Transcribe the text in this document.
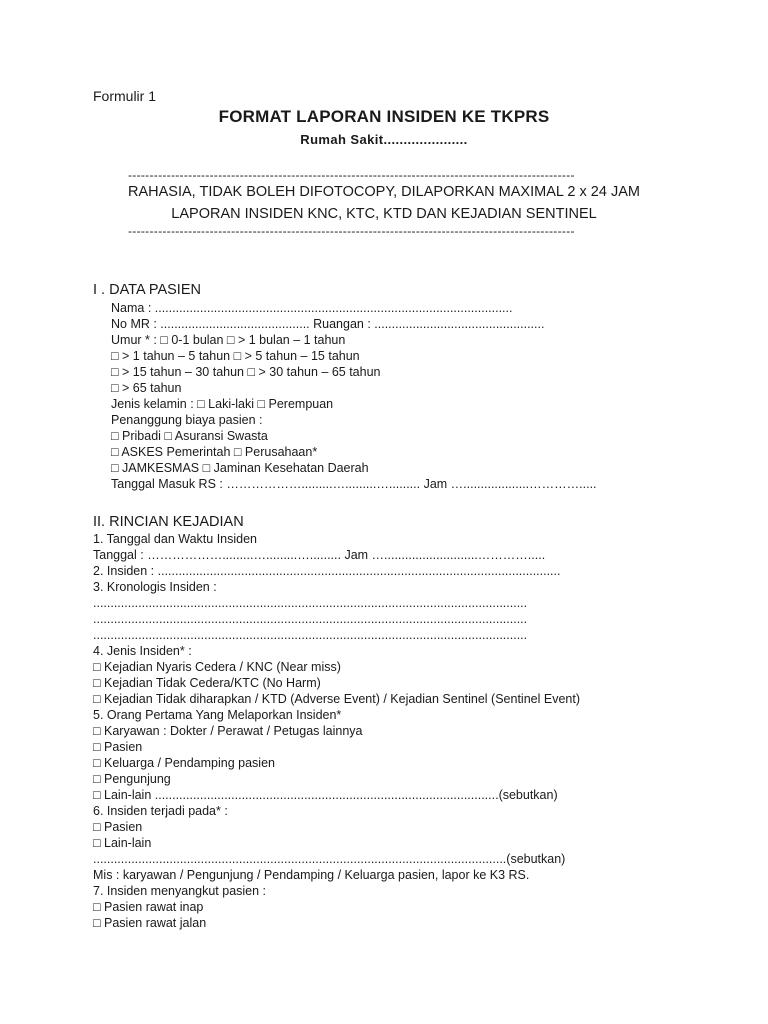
Formulir 1
FORMAT LAPORAN INSIDEN KE TKPRS
Rumah Sakit.....................
--------------------------------------------------------------------------------------------------------
RAHASIA, TIDAK BOLEH DIFOTOCOPY, DILAPORKAN MAXIMAL 2 x 24 JAM
LAPORAN INSIDEN KNC, KTC, KTD DAN KEJADIAN SENTINEL
--------------------------------------------------------------------------------------------------------
I . DATA PASIEN
Nama : .......................................................................................................
No MR : ........................................... Ruangan : .................................................
Umur * : □ 0-1 bulan □ > 1 bulan – 1 tahun
□ > 1 tahun – 5 tahun □ > 5 tahun – 15 tahun
□ > 15 tahun – 30 tahun □ > 30 tahun – 65 tahun
□ > 65 tahun
Jenis kelamin : □ Laki-laki □ Perempuan
Penanggung biaya pasien :
□ Pribadi □ Asuransi Swasta
□ ASKES Pemerintah □ Perusahaan*
□ JAMKESMAS □ Jaminan Kesehatan Daerah
Tanggal Masuk RS : ……………….........….........…......... Jam …...................………….....
II. RINCIAN KEJADIAN
1. Tanggal dan Waktu Insiden
Tanggal : ……………….........….........…......... Jam …...........................………….....
2. Insiden : ....................................................................................................................
3. Kronologis Insiden :
.............................................................................................................................
.............................................................................................................................
.............................................................................................................................
4. Jenis Insiden* :
□ Kejadian Nyaris Cedera / KNC (Near miss)
□ Kejadian Tidak Cedera/KTC (No Harm)
□ Kejadian Tidak diharapkan / KTD (Adverse Event) / Kejadian Sentinel (Sentinel Event)
5. Orang Pertama Yang Melaporkan Insiden*
□ Karyawan : Dokter / Perawat / Petugas lainnya
□ Pasien
□ Keluarga / Pendamping pasien
□ Pengunjung
□ Lain-lain ...................................................................................................(sebutkan)
6. Insiden terjadi pada* :
□ Pasien
□ Lain-lain
.......................................................................................................................(sebutkan)
Mis : karyawan / Pengunjung / Pendamping / Keluarga pasien, lapor ke K3 RS.
7. Insiden menyangkut pasien :
□ Pasien rawat inap
□ Pasien rawat jalan
